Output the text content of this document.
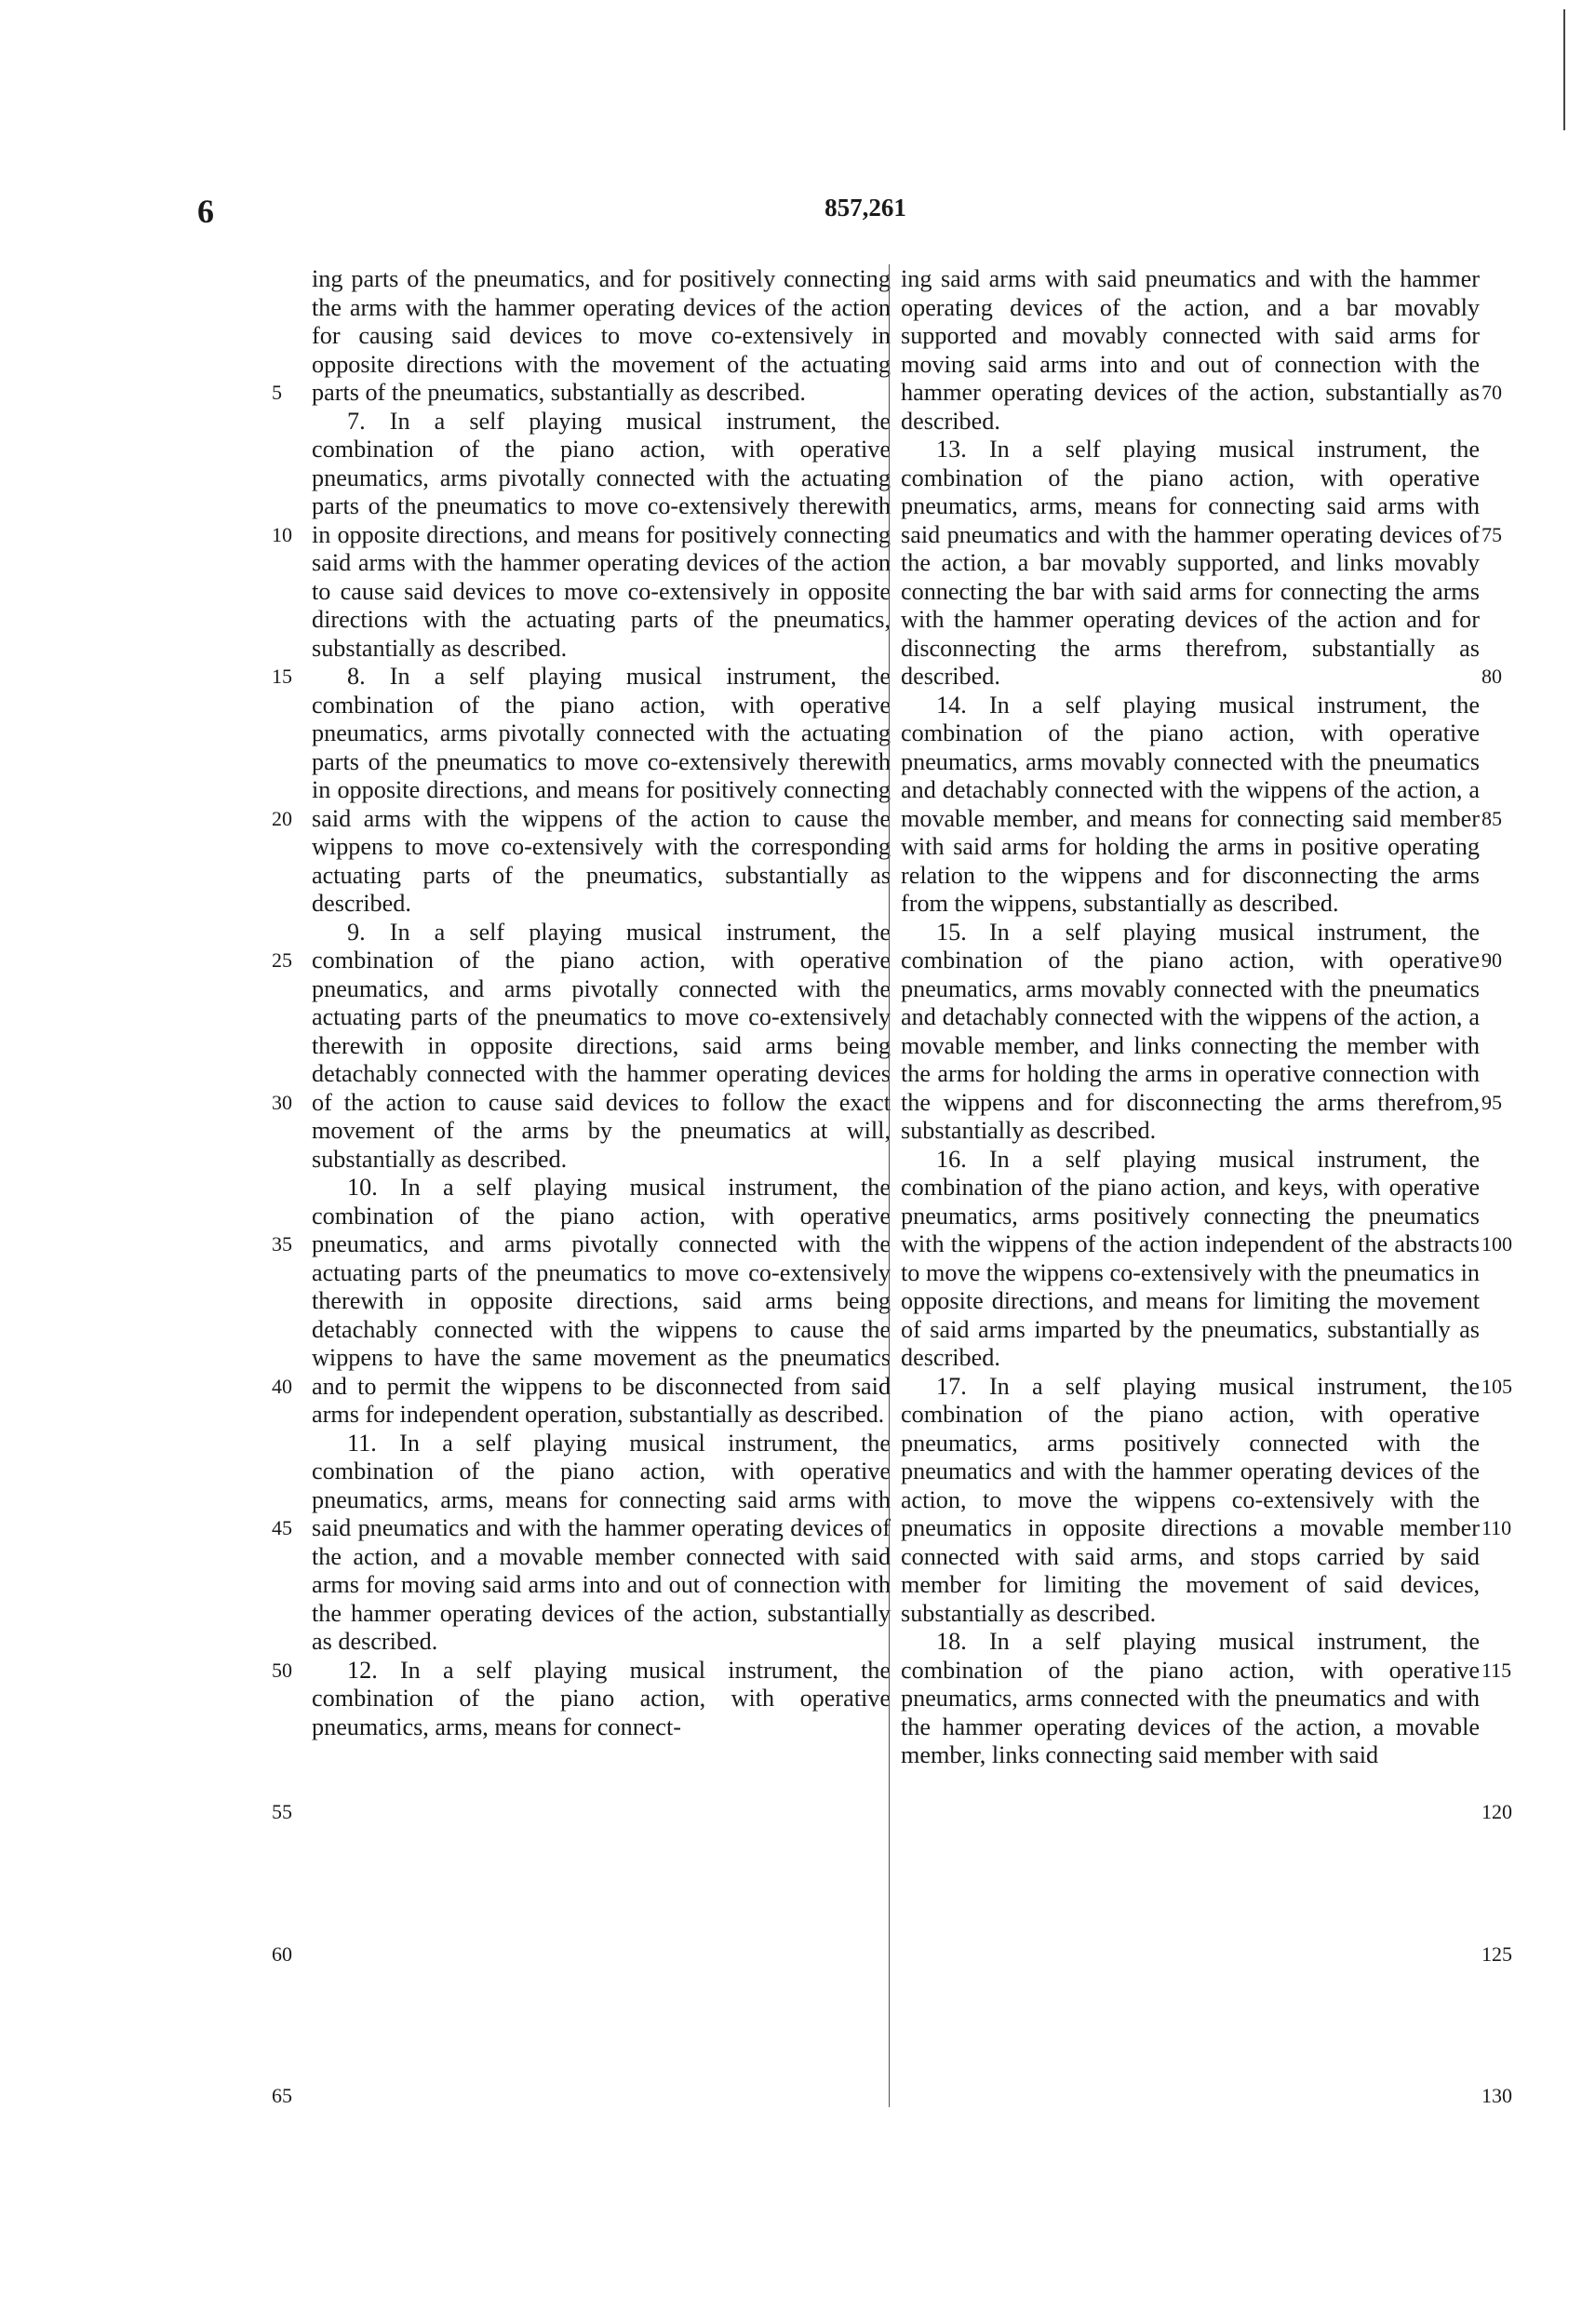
6	857,261

ing parts of the pneumatics, and for positively connecting the arms with the hammer operating devices of the action for causing said devices to move co-extensively in opposite directions with the movement of the actuating parts of the pneumatics, substantially as described.

7. In a self playing musical instrument, the combination of the piano action, with operative pneumatics, arms pivotally connected with the actuating parts of the pneumatics to move co-extensively therewith in opposite directions, and means for positively connecting said arms with the hammer operating devices of the action to cause said devices to move co-extensively in opposite directions with the actuating parts of the pneumatics, substantially as described.

8. In a self playing musical instrument, the combination of the piano action, with operative pneumatics, arms pivotally connected with the actuating parts of the pneumatics to move co-extensively therewith in opposite directions, and means for positively connecting said arms with the wippens of the action to cause the wippens to move co-extensively with the corresponding actuating parts of the pneumatics, substantially as described.

9. In a self playing musical instrument, the combination of the piano action, with operative pneumatics, and arms pivotally connected with the actuating parts of the pneumatics to move co-extensively therewith in opposite directions, said arms being detachably connected with the hammer operating devices of the action to cause said devices to follow the exact movement of the arms by the pneumatics at will, substantially as described.

10. In a self playing musical instrument, the combination of the piano action, with operative pneumatics, and arms pivotally connected with the actuating parts of the pneumatics to move co-extensively therewith in opposite directions, said arms being detachably connected with the wippens to cause the wippens to have the same movement as the pneumatics and to permit the wippens to be disconnected from said arms for independent operation, substantially as described.

11. In a self playing musical instrument, the combination of the piano action, with operative pneumatics, arms, means for connecting said arms with said pneumatics and with the hammer operating devices of the action, and a movable member connected with said arms for moving said arms into and out of connection with the hammer operating devices of the action, substantially as described.

12. In a self playing musical instrument, the combination of the piano action, with operative pneumatics, arms, means for connect-

ing said arms with said pneumatics and with the hammer operating devices of the action, and a bar movably supported and movably connected with said arms for moving said arms into and out of connection with the hammer operating devices of the action, substantially as described.

13. In a self playing musical instrument, the combination of the piano action, with operative pneumatics, arms, means for connecting said arms with said pneumatics and with the hammer operating devices of the action, a bar movably supported, and links movably connecting the bar with said arms for connecting the arms with the hammer operating devices of the action and for disconnecting the arms therefrom, substantially as described.

14. In a self playing musical instrument, the combination of the piano action, with operative pneumatics, arms movably connected with the pneumatics and detachably connected with the wippens of the action, a movable member, and means for connecting said member with said arms for holding the arms in positive operating relation to the wippens and for disconnecting the arms from the wippens, substantially as described.

15. In a self playing musical instrument, the combination of the piano action, with operative pneumatics, arms movably connected with the pneumatics and detachably connected with the wippens of the action, a movable member, and links connecting the member with the arms for holding the arms in operative connection with the wippens and for disconnecting the arms therefrom, substantially as described.

16. In a self playing musical instrument, the combination of the piano action, and keys, with operative pneumatics, arms positively connecting the pneumatics with the wippens of the action independent of the abstracts to move the wippens co-extensively with the pneumatics in opposite directions, and means for limiting the movement of said arms imparted by the pneumatics, substantially as described.

17. In a self playing musical instrument, the combination of the piano action, with operative pneumatics, arms positively connected with the pneumatics and with the hammer operating devices of the action, to move the wippens co-extensively with the pneumatics in opposite directions a movable member connected with said arms, and stops carried by said member for limiting the movement of said devices, substantially as described.

18. In a self playing musical instrument, the combination of the piano action, with operative pneumatics, arms connected with the pneumatics and with the hammer operating devices of the action, a movable member, links connecting said member with said

5
10
15
20
25
30
35
40
45
50
55
60
65
70
75
80
85
90
95
100
105
110
115
120
125
130
